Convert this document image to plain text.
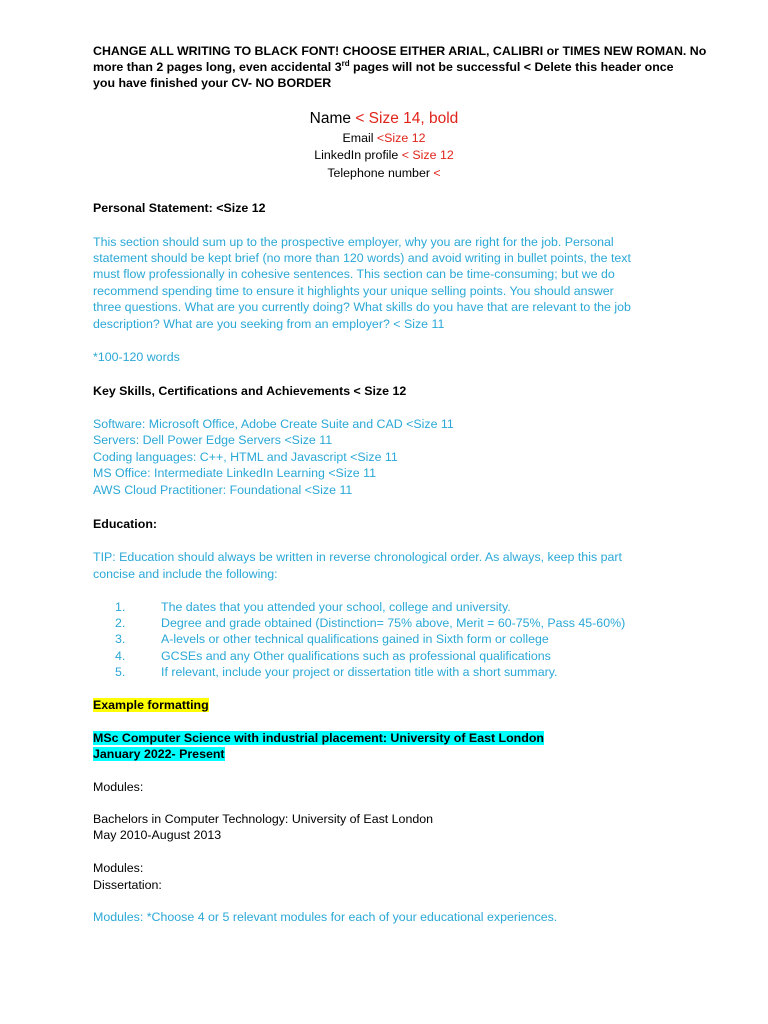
CHANGE ALL WRITING TO BLACK FONT! CHOOSE EITHER ARIAL, CALIBRI or TIMES NEW ROMAN. No
more than 2 pages long, even accidental 3rd pages will not be successful < Delete this header once
you have finished your CV- NO BORDER
Name < Size 14, bold
Email <Size 12
LinkedIn profile < Size 12
Telephone number <
Personal Statement: <Size 12
This section should sum up to the prospective employer, why you are right for the job. Personal
statement should be kept brief (no more than 120 words) and avoid writing in bullet points, the text
must flow professionally in cohesive sentences. This section can be time-consuming; but we do
recommend spending time to ensure it highlights your unique selling points. You should answer
three questions. What are you currently doing? What skills do you have that are relevant to the job
description? What are you seeking from an employer? < Size 11
*100-120 words
Key Skills, Certifications and Achievements < Size 12
Software: Microsoft Office, Adobe Create Suite and CAD <Size 11
Servers: Dell Power Edge Servers <Size 11
Coding languages: C++, HTML and Javascript <Size 11
MS Office: Intermediate LinkedIn Learning <Size 11
AWS Cloud Practitioner: Foundational <Size 11
Education:
TIP: Education should always be written in reverse chronological order. As always, keep this part
concise and include the following:
1.	The dates that you attended your school, college and university.
2.	Degree and grade obtained (Distinction= 75% above, Merit = 60-75%, Pass 45-60%)
3.	A-levels or other technical qualifications gained in Sixth form or college
4.	GCSEs and any Other qualifications such as professional qualifications
5.	If relevant, include your project or dissertation title with a short summary.
Example formatting
MSc Computer Science with industrial placement: University of East London
January 2022- Present
Modules:
Bachelors in Computer Technology: University of East London
May 2010-August 2013
Modules:
Dissertation:
Modules: *Choose 4 or 5 relevant modules for each of your educational experiences.
